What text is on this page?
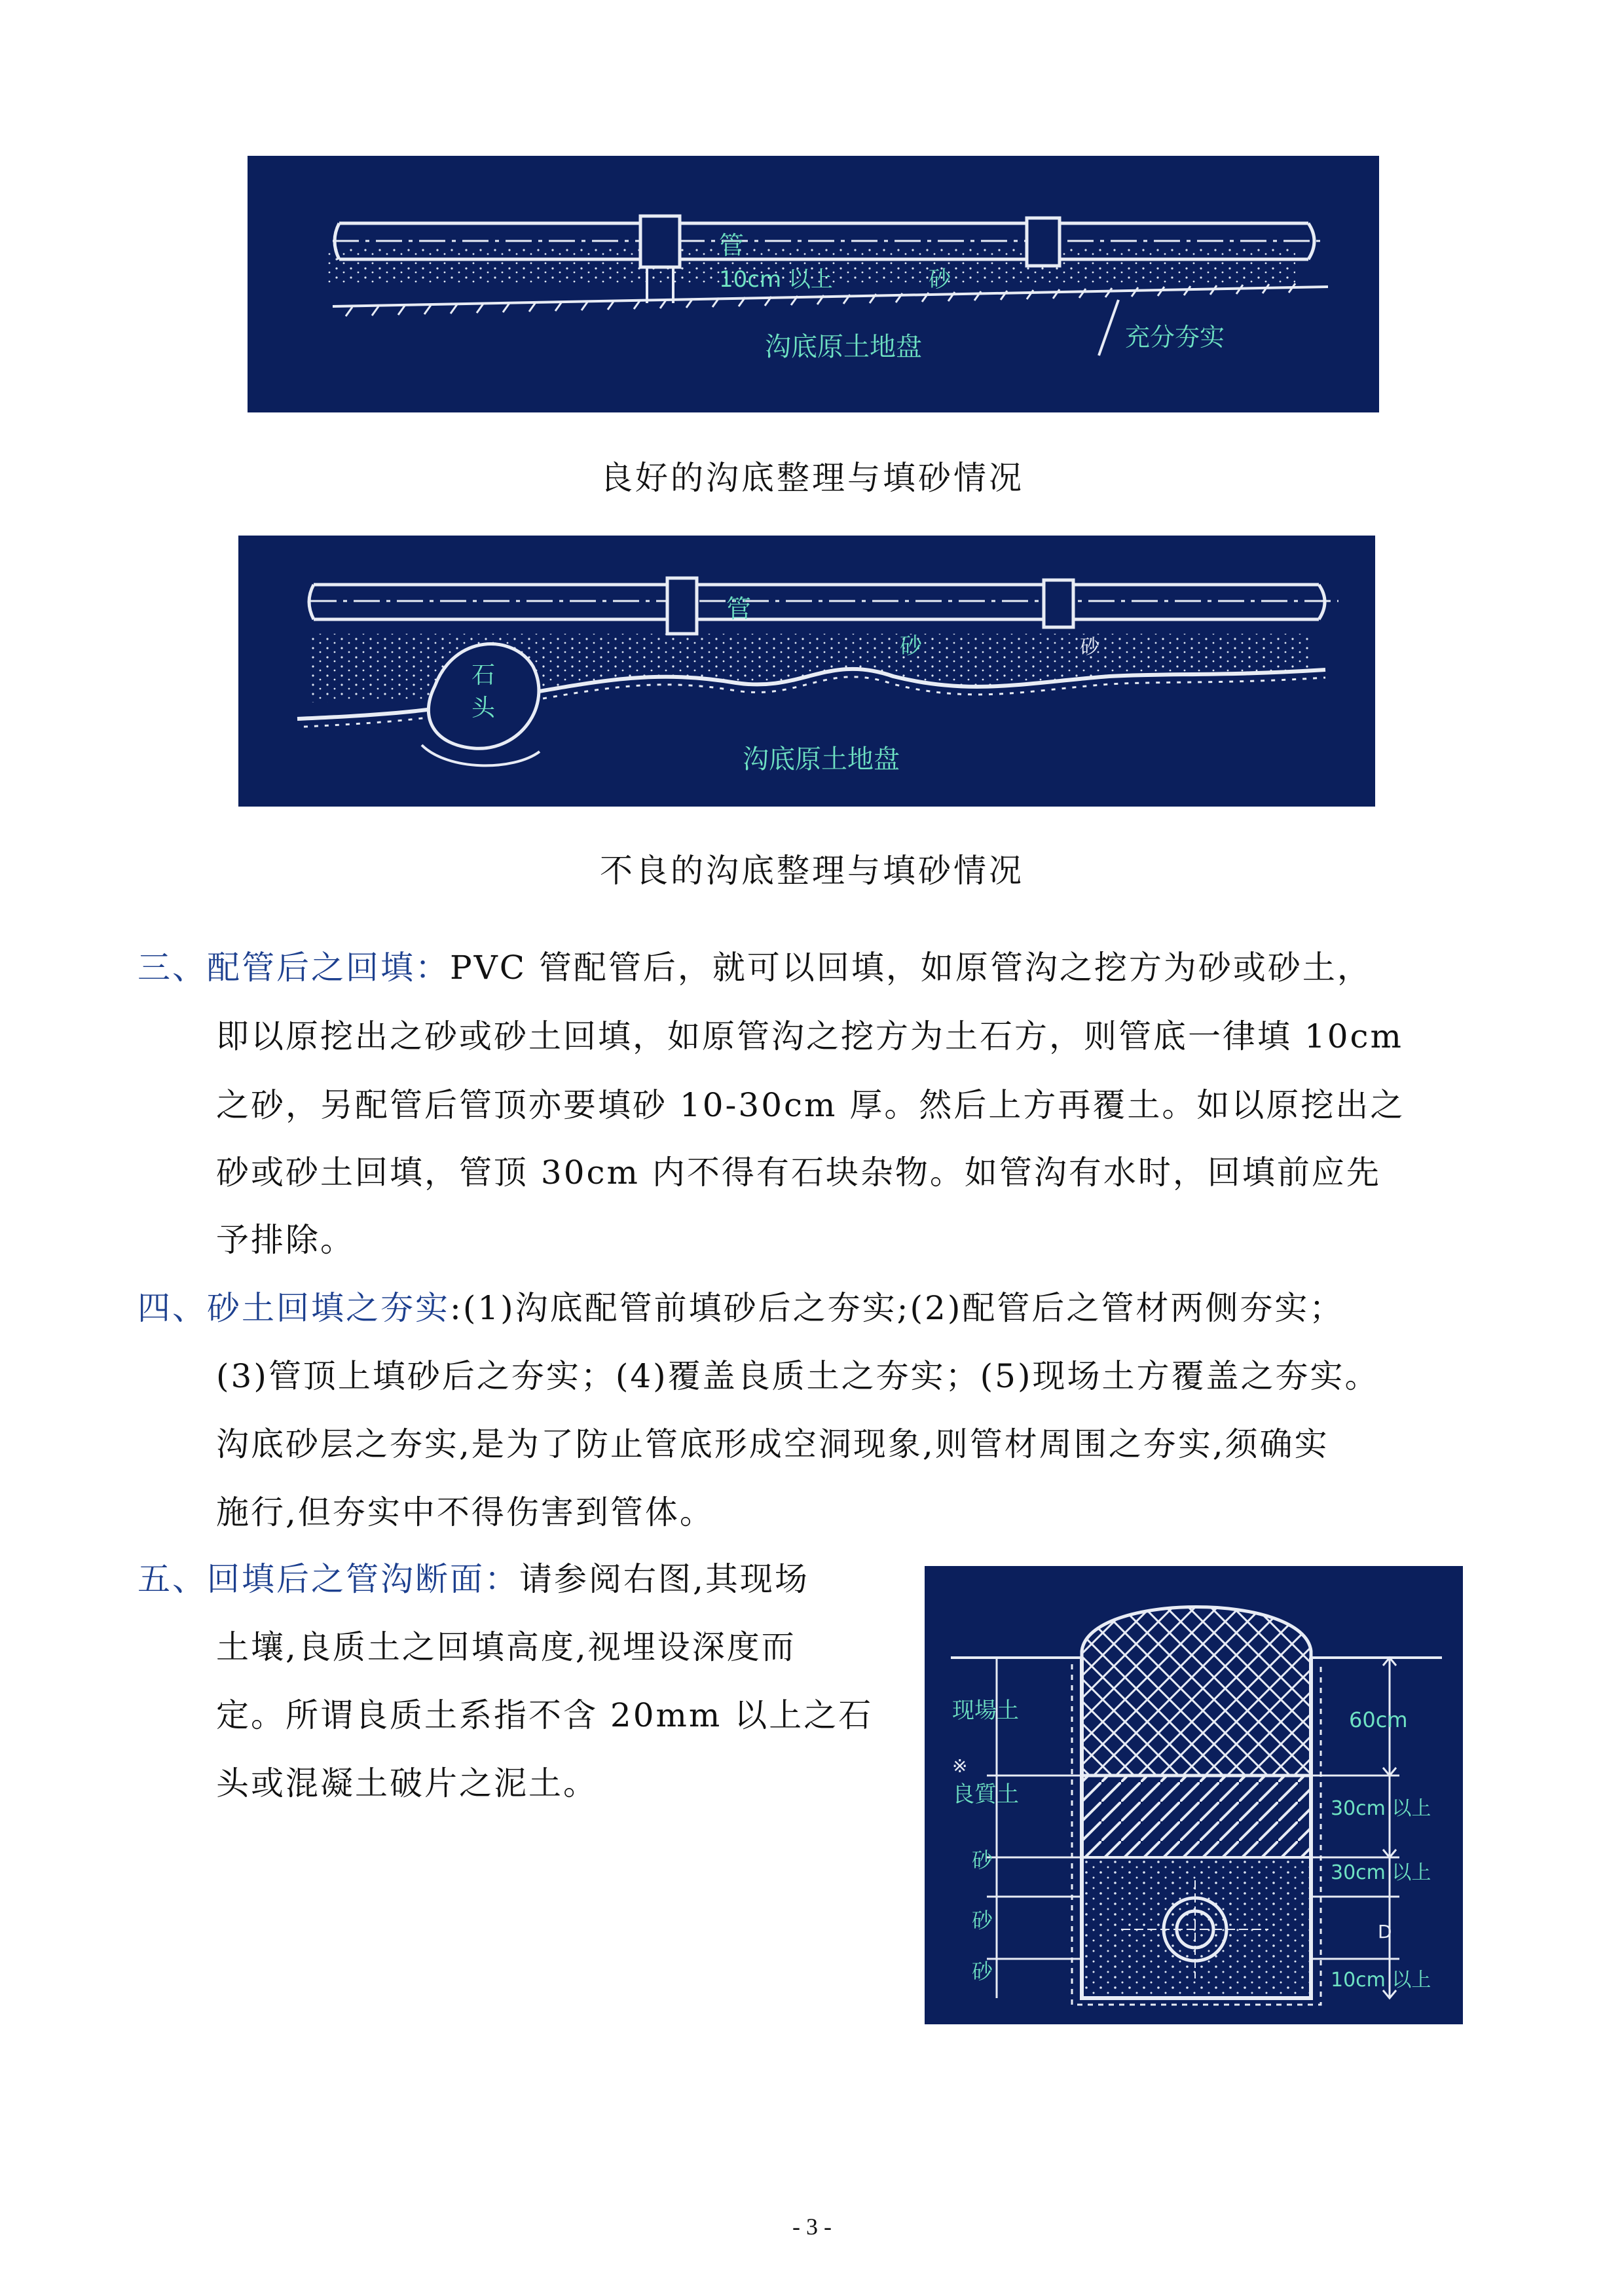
管
10cm 以上	砂
沟底原土地盘	充分夯实
良好的沟底整理与填砂情况
管
砂	砂
石
头
沟底原土地盘
不良的沟底整理与填砂情况
三、配管后之回填：PVC 管配管后，就可以回填，如原管沟之挖方为砂或砂土，
即以原挖出之砂或砂土回填，如原管沟之挖方为土石方，则管底一律填 10cm
之砂，另配管后管顶亦要填砂 10-30cm 厚。然后上方再覆土。如以原挖出之
砂或砂土回填，管顶 30cm 内不得有石块杂物。如管沟有水时，回填前应先
予排除。
四、砂土回填之夯实:(1)沟底配管前填砂后之夯实;(2)配管后之管材两侧夯实；
(3)管顶上填砂后之夯实；(4)覆盖良质土之夯实；(5)现场土方覆盖之夯实。
沟底砂层之夯实,是为了防止管底形成空洞现象,则管材周围之夯实,须确实
施行,但夯实中不得伤害到管体。
五、回填后之管沟断面：请参阅右图,其现场
土壤,良质土之回填高度,视埋设深度而
定。所谓良质土系指不含 20mm 以上之石
头或混凝土破片之泥土。
现場土
※
良質土
砂
砂
砂
60cm
30cm 以上
30cm 以上
D
10cm 以上
- 3 -
